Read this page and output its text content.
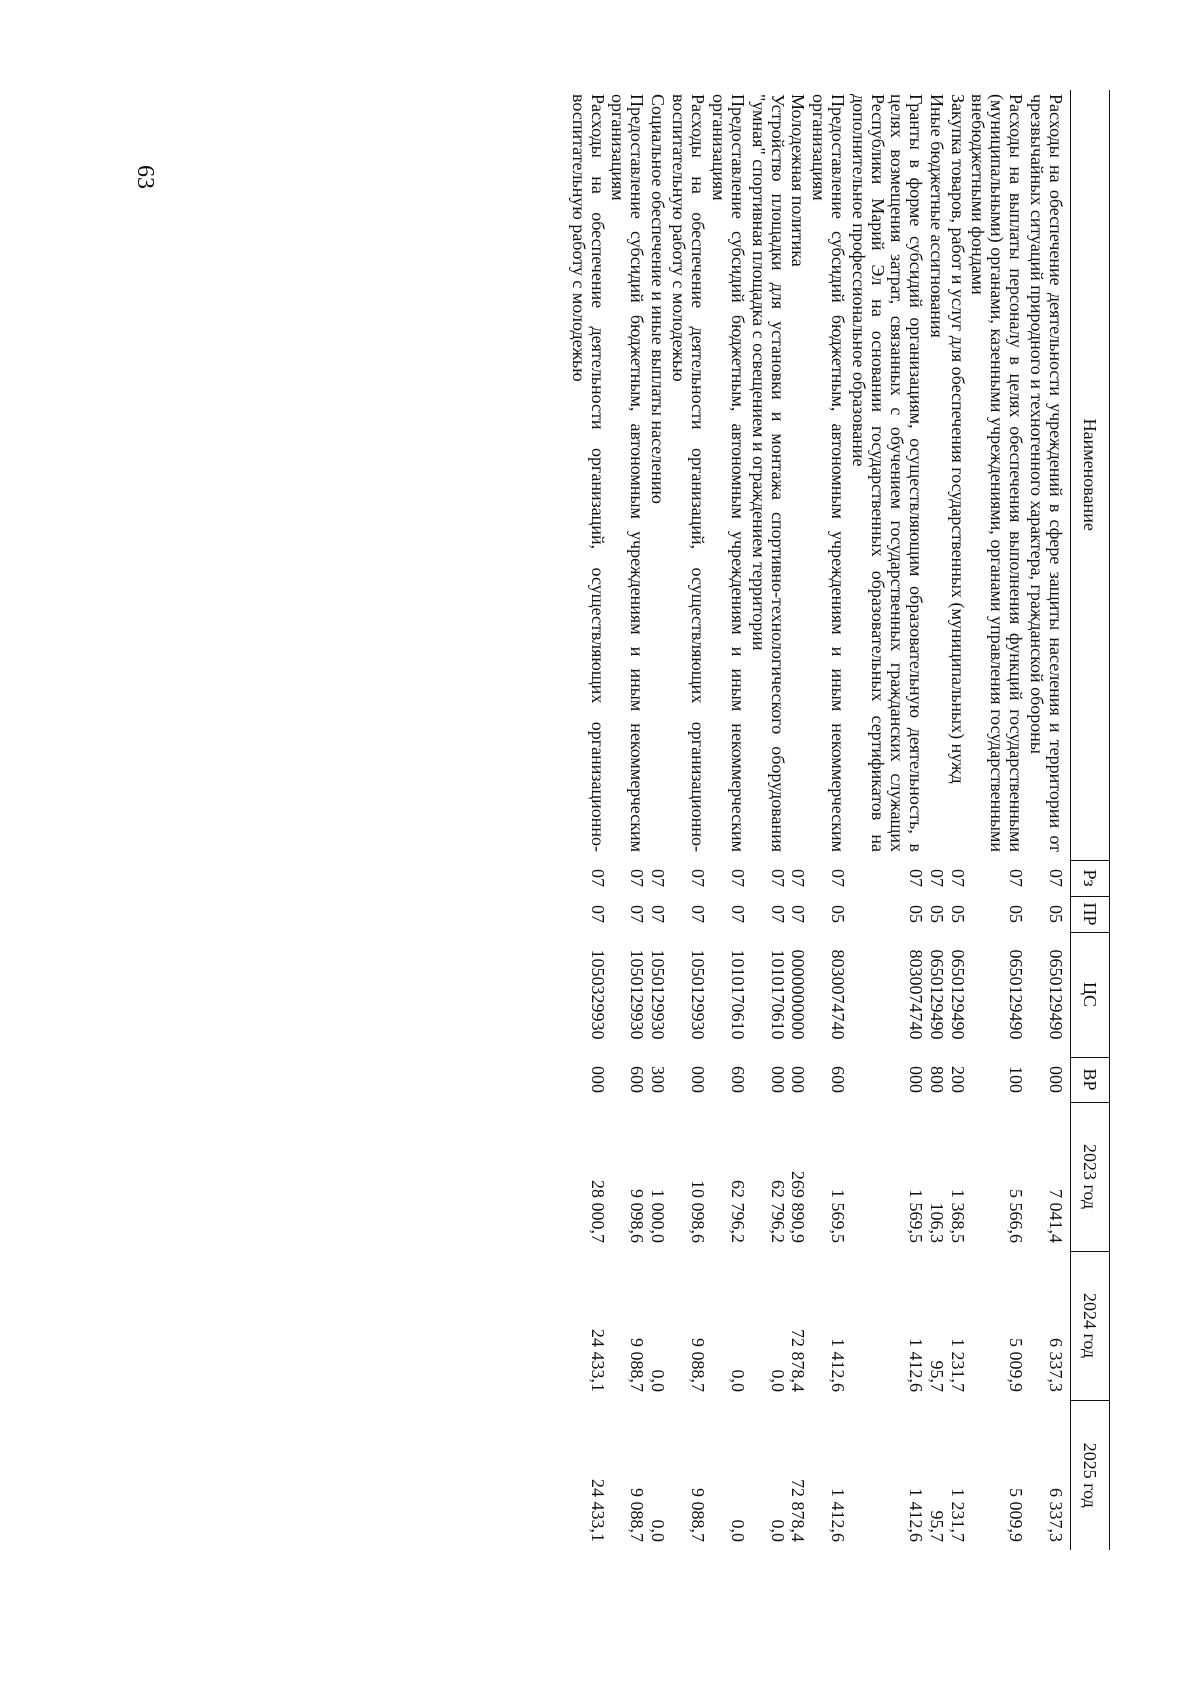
63
Наименование	Рз	ПР	ЦС	ВР	2023 год	2024 год	2025 год
Расходы на обеспечение деятельности учреждений в сфере защиты населения и территории от чрезвычайных ситуаций природного и техногенного характера, гражданской обороны	07	05	0650129490	000	7 041,4	6 337,3	6 337,3
Расходы на выплаты персоналу в целях обеспечения выполнения функций государственными (муниципальными) органами, казенными учреждениями, органами управления государственными внебюджетными фондами	07	05	0650129490	100	5 566,6	5 009,9	5 009,9
Закупка товаров, работ и услуг для обеспечения государственных (муниципальных) нужд	07	05	0650129490	200	1 368,5	1 231,7	1 231,7
Иные бюджетные ассигнования	07	05	0650129490	800	106,3	95,7	95,7
Гранты в форме субсидий организациям, осуществляющим образовательную деятельность, в целях возмещения затрат, связанных с обучением государственных гражданских служащих Республики Марий Эл на основании государственных образовательных сертификатов на дополнительное профессиональное образование	07	05	8030074740	000	1 569,5	1 412,6	1 412,6
Предоставление субсидий бюджетным, автономным учреждениям и иным некоммерческим организациям	07	05	8030074740	600	1 569,5	1 412,6	1 412,6
Молодежная политика	07	07	0000000000	000	269 890,9	72 878,4	72 878,4
Устройство площадки для установки и монтажа спортивно-технологического оборудования "умная" спортивная площадка с освещением и ограждением территории	07	07	1010170610	000	62 796,2	0,0	0,0
Предоставление субсидий бюджетным, автономным учреждениям и иным некоммерческим организациям	07	07	1010170610	600	62 796,2	0,0	0,0
Расходы на обеспечение деятельности организаций, осуществляющих организационно-воспитательную работу с молодежью	07	07	1050129930	000	10 098,6	9 088,7	9 088,7
Социальное обеспечение и иные выплаты населению	07	07	1050129930	300	1 000,0	0,0	0,0
Предоставление субсидий бюджетным, автономным учреждениям и иным некоммерческим организациям	07	07	1050129930	600	9 098,6	9 088,7	9 088,7
Расходы на обеспечение деятельности организаций, осуществляющих организационно-воспитательную работу с молодежью	07	07	1050329930	000	28 000,7	24 433,1	24 433,1
